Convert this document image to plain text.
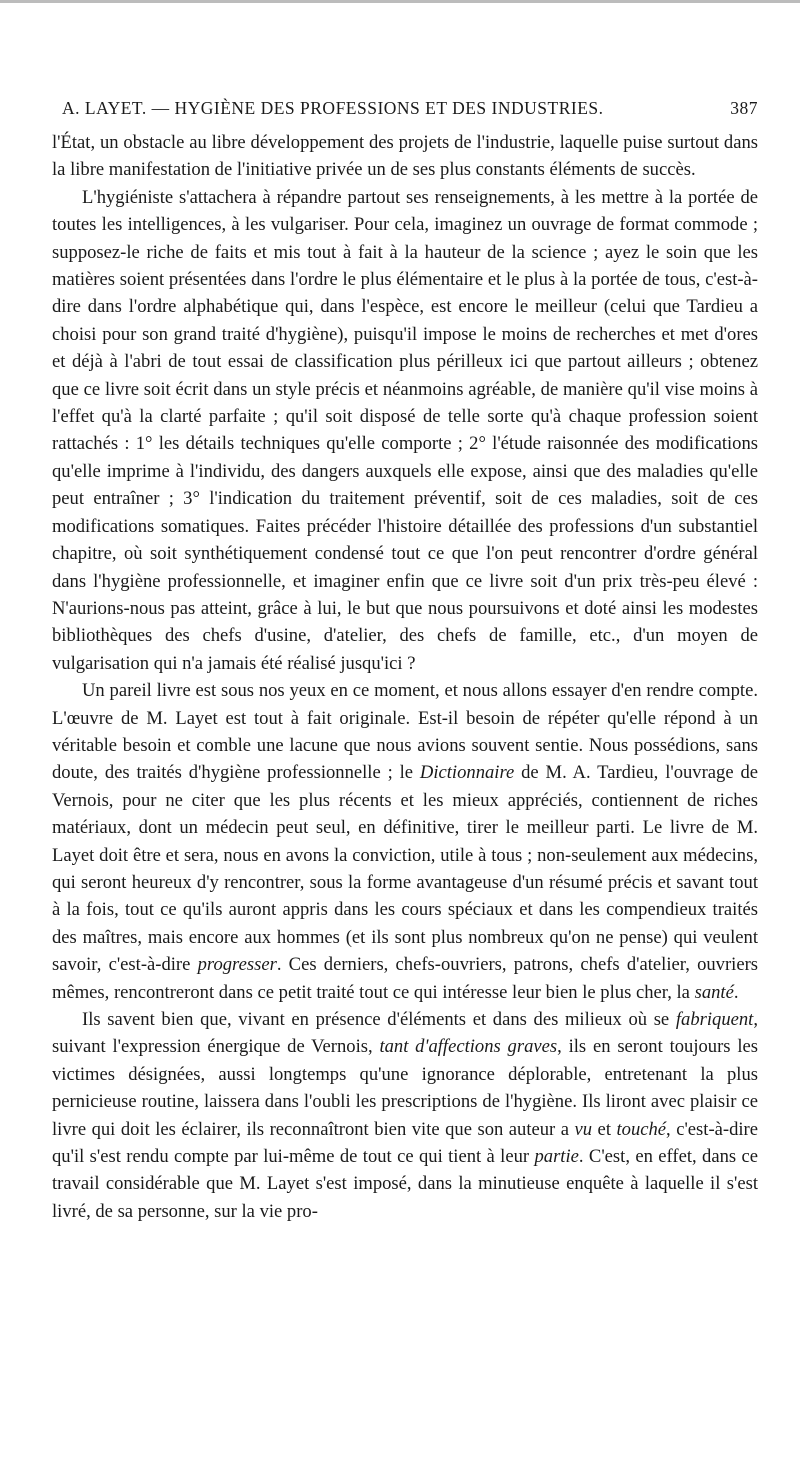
A. LAYET. — HYGIÈNE DES PROFESSIONS ET DES INDUSTRIES.	387

l'État, un obstacle au libre développement des projets de l'industrie, laquelle puise surtout dans la libre manifestation de l'initiative privée un de ses plus constants éléments de succès.

L'hygiéniste s'attachera à répandre partout ses renseignements, à les mettre à la portée de toutes les intelligences, à les vulgariser. Pour cela, imaginez un ouvrage de format commode ; supposez-le riche de faits et mis tout à fait à la hauteur de la science ; ayez le soin que les matières soient présentées dans l'ordre le plus élémentaire et le plus à la portée de tous, c'est-à-dire dans l'ordre alphabétique qui, dans l'espèce, est encore le meilleur (celui que Tardieu a choisi pour son grand traité d'hygiène), puisqu'il impose le moins de recherches et met d'ores et déjà à l'abri de tout essai de classification plus périlleux ici que partout ailleurs ; obtenez que ce livre soit écrit dans un style précis et néanmoins agréable, de manière qu'il vise moins à l'effet qu'à la clarté parfaite ; qu'il soit disposé de telle sorte qu'à chaque profession soient rattachés : 1° les détails techniques qu'elle comporte ; 2° l'étude raisonnée des modifications qu'elle imprime à l'individu, des dangers auxquels elle expose, ainsi que des maladies qu'elle peut entraîner ; 3° l'indication du traitement préventif, soit de ces maladies, soit de ces modifications somatiques. Faites précéder l'histoire détaillée des professions d'un substantiel chapitre, où soit synthétiquement condensé tout ce que l'on peut rencontrer d'ordre général dans l'hygiène professionnelle, et imaginer enfin que ce livre soit d'un prix très-peu élevé : N'aurions-nous pas atteint, grâce à lui, le but que nous poursuivons et doté ainsi les modestes bibliothèques des chefs d'usine, d'atelier, des chefs de famille, etc., d'un moyen de vulgarisation qui n'a jamais été réalisé jusqu'ici ?

Un pareil livre est sous nos yeux en ce moment, et nous allons essayer d'en rendre compte. L'œuvre de M. Layet est tout à fait originale. Est-il besoin de répéter qu'elle répond à un véritable besoin et comble une lacune que nous avions souvent sentie. Nous possédions, sans doute, des traités d'hygiène professionnelle ; le Dictionnaire de M. A. Tardieu, l'ouvrage de Vernois, pour ne citer que les plus récents et les mieux appréciés, contiennent de riches matériaux, dont un médecin peut seul, en définitive, tirer le meilleur parti. Le livre de M. Layet doit être et sera, nous en avons la conviction, utile à tous ; non-seulement aux médecins, qui seront heureux d'y rencontrer, sous la forme avantageuse d'un résumé précis et savant tout à la fois, tout ce qu'ils auront appris dans les cours spéciaux et dans les compendieux traités des maîtres, mais encore aux hommes (et ils sont plus nombreux qu'on ne pense) qui veulent savoir, c'est-à-dire progresser. Ces derniers, chefs-ouvriers, patrons, chefs d'atelier, ouvriers mêmes, rencontreront dans ce petit traité tout ce qui intéresse leur bien le plus cher, la santé.

Ils savent bien que, vivant en présence d'éléments et dans des milieux où se fabriquent, suivant l'expression énergique de Vernois, tant d'affections graves, ils en seront toujours les victimes désignées, aussi longtemps qu'une ignorance déplorable, entretenant la plus pernicieuse routine, laissera dans l'oubli les prescriptions de l'hygiène. Ils liront avec plaisir ce livre qui doit les éclairer, ils reconnaîtront bien vite que son auteur a vu et touché, c'est-à-dire qu'il s'est rendu compte par lui-même de tout ce qui tient à leur partie. C'est, en effet, dans ce travail considérable que M. Layet s'est imposé, dans la minutieuse enquête à laquelle il s'est livré, de sa personne, sur la vie pro-
